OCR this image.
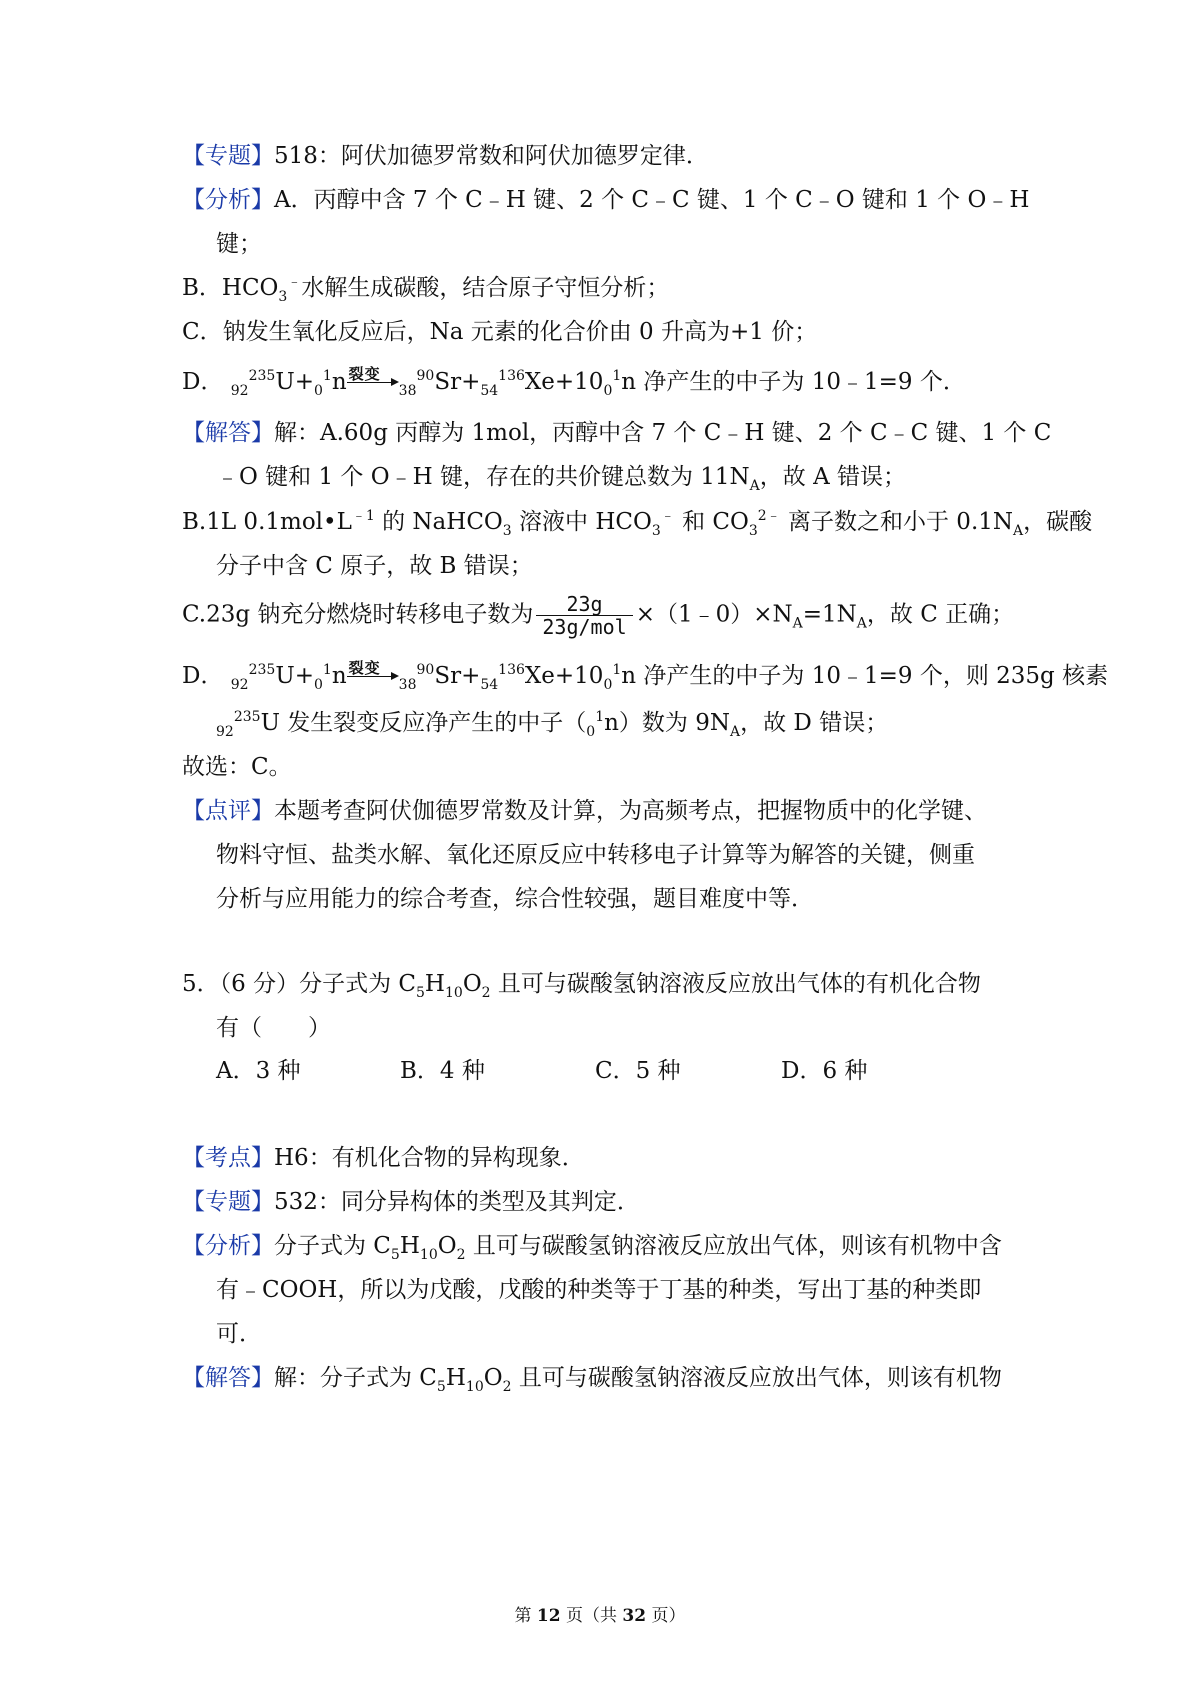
【专题】518：阿伏加德罗常数和阿伏加德罗定律．
【分析】A．丙醇中含 7 个 C﹣H 键、2 个 C﹣C 键、1 个 C﹣O 键和 1 个 O﹣H
键；
B．$HCO_3^﹣$水解生成碳酸，结合原子守恒分析；
C．钠发生氧化反应后，Na 元素的化合价由 0 升高为+1 价；
D． $_{92}^{235}U+_0^1n$ 裂变
$_{38}^{90}Sr+_{54}^{136}Xe+10_0^1n$ 净产生的中子为 10﹣1=9 个．
【解答】解：A.60g 丙醇为 1mol，丙醇中含 7 个 C﹣H 键、2 个 C﹣C 键、1 个 C
﹣O 键和 1 个 O﹣H 键，存在的共价键总数为 $11N_A$，故 A 错误；
B.1L $0.1mol•L^{﹣1}$ 的 NaHCO$_3$ 溶液中 $HCO_3^﹣$ 和 $CO_3^{2﹣}$ 离子数之和小于 $0.1N_A$，碳酸
分子中含 C 原子，故 B 错误；
C.23g 钠充分燃烧时转移电子数为 $\frac{23g}{\text{23g/mol}}$ $\times(1﹣0)\times N_A=1N_A$，故 C 正确；
D． $_{92}^{235}U+_0^1n$ 裂变
$_{38}^{90}Sr+_{54}^{136}Xe+10_0^1n$ 净产生的中子为 10﹣1=9 个，则 235g 核素
$_{92}^{235}$U 发生裂变反应净产生的中子$(_0^1n)$数为 $9N_A$，故 D 错误；
故选：C。
【点评】本题考查阿伏伽德罗常数及计算，为高频考点，把握物质中的化学键、
物料守恒、盐类水解、氧化还原反应中转移电子计算等为解答的关键，侧重
分析与应用能力的综合考查，综合性较强，题目难度中等．
5．（6 分）分子式为 $C_5H_{10}O_2$ 且可与碳酸氢钠溶液反应放出气体的有机化合物
有（　　）
A．3 种	B．4 种	C．5 种	D．6 种
【考点】H6：有机化合物的异构现象．
【专题】532：同分异构体的类型及其判定．
【分析】分子式为 $C_5H_{10}O_2$ 且可与碳酸氢钠溶液反应放出气体，则该有机物中含
有﹣COOH，所以为戊酸，戊酸的种类等于丁基的种类，写出丁基的种类即
可．
【解答】解：分子式为 $C_5H_{10}O_2$ 且可与碳酸氢钠溶液反应放出气体，则该有机物
第 12 页（共 32 页）
